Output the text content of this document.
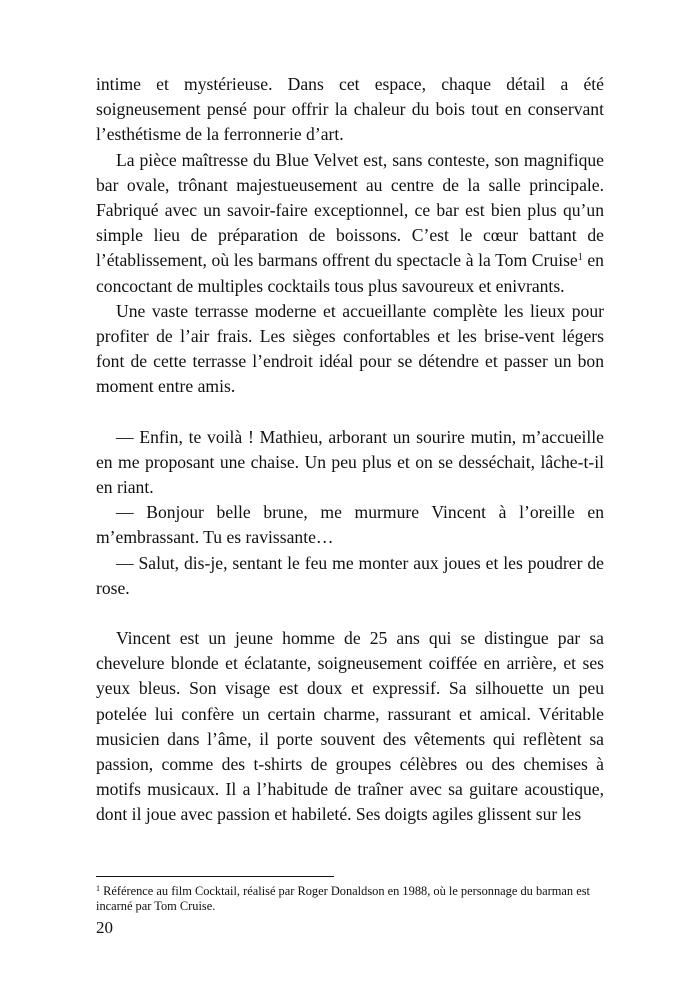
intime et mystérieuse. Dans cet espace, chaque détail a été soigneusement pensé pour offrir la chaleur du bois tout en conservant l’esthétisme de la ferronnerie d’art.

La pièce maîtresse du Blue Velvet est, sans conteste, son magnifique bar ovale, trônant majestueusement au centre de la salle principale. Fabriqué avec un savoir-faire exceptionnel, ce bar est bien plus qu’un simple lieu de préparation de boissons. C’est le cœur battant de l’établissement, où les barmans offrent du spectacle à la Tom Cruise$^1$ en concoctant de multiples cocktails tous plus savoureux et enivrants.

Une vaste terrasse moderne et accueillante complète les lieux pour profiter de l’air frais. Les sièges confortables et les brise-vent légers font de cette terrasse l’endroit idéal pour se détendre et passer un bon moment entre amis.

— Enfin, te voilà ! Mathieu, arborant un sourire mutin, m’accueille en me proposant une chaise. Un peu plus et on se desséchait, lâche-t-il en riant.

— Bonjour belle brune, me murmure Vincent à l’oreille en m’embrassant. Tu es ravissante…

— Salut, dis-je, sentant le feu me monter aux joues et les poudrer de rose.

Vincent est un jeune homme de 25 ans qui se distingue par sa chevelure blonde et éclatante, soigneusement coiffée en arrière, et ses yeux bleus. Son visage est doux et expressif. Sa silhouette un peu potelée lui confère un certain charme, rassurant et amical. Véritable musicien dans l’âme, il porte souvent des vêtements qui reflètent sa passion, comme des t-shirts de groupes célèbres ou des chemises à motifs musicaux. Il a l’habitude de traîner avec sa guitare acoustique, dont il joue avec passion et habileté. Ses doigts agiles glissent sur les

$^1$ Référence au film Cocktail, réalisé par Roger Donaldson en 1988, où le personnage du barman est incarné par Tom Cruise.

20
